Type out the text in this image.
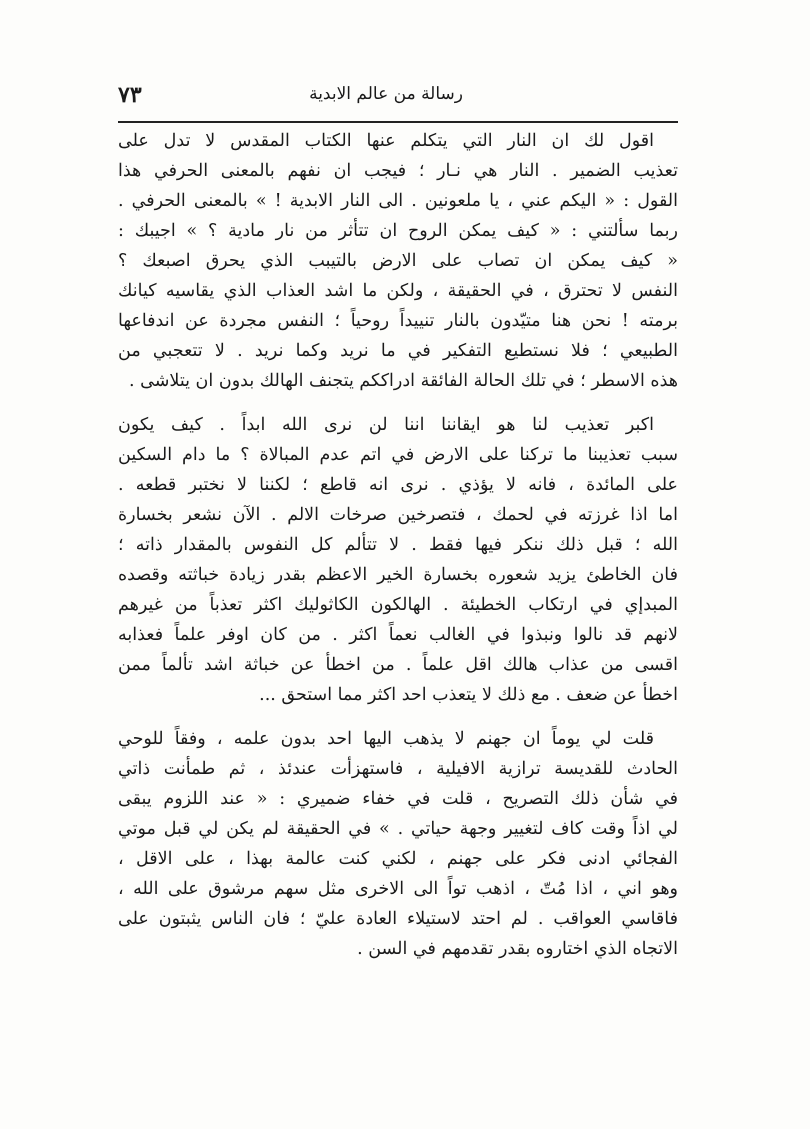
رسالة من عالم الابدية
٧٣
اقول لك ان النار التي يتكلم عنها الكتاب المقدس لا تدل على
تعذيب الضمير . النار هي نـار ؛ فيجب ان نفهم بالمعنى الحرفي هذا
القول : « اليكم عني ، يا ملعونين . الى النار الابدية ! » بالمعنى الحرفي .
ربما سألتني : « كيف يمكن الروح ان تتأثر من نار مادية ؟ » اجيبك :
« كيف يمكن ان تصاب على الارض بالتيبب الذي يحرق اصبعك ؟
النفس لا تحترق ، في الحقيقة ، ولكن ما اشد العذاب الذي يقاسيه كيانك
برمته ! نحن هنا متيّدون بالنار تنييداً روحياً ؛ النفس مجردة عن اندفاعها
الطبيعي ؛ فلا نستطيع التفكير في ما نريد وكما نريد . لا تتعجبي من
هذه الاسطر ؛ في تلك الحالة الفائقة ادراككم يتجنف الهالك بدون ان يتلاشى .
اكبر تعذيب لنا هو ايقاننا اننا لن نرى الله ابداً . كيف يكون
سبب تعذيبنا ما تركنا على الارض في اتم عدم المبالاة ؟ ما دام السكين
على المائدة ، فانه لا يؤذي . نرى انه قاطع ؛ لكننا لا نختبر قطعه .
اما اذا غرزته في لحمك ، فتصرخين صرخات الالم . الآن نشعر بخسارة
الله ؛ قبل ذلك ننكر فيها فقط . لا تتألم كل النفوس بالمقدار ذاته ؛
فان الخاطئ يزيد شعوره بخسارة الخير الاعظم بقدر زيادة خباثته وقصده
المبدإي في ارتكاب الخطيئة . الهالكون الكاثوليك اكثر تعذباً من غيرهم
لانهم قد نالوا ونبذوا في الغالب نعماً اكثر . من كان اوفر علماً فعذابه
اقسى من عذاب هالك اقل علماً . من اخطأ عن خباثة اشد تألماً ممن
اخطأ عن ضعف . مع ذلك لا يتعذب احد اكثر مما استحق ...
قلت لي يوماً ان جهنم لا يذهب اليها احد بدون علمه ، وفقاً للوحي
الحادث للقديسة ترازية الافيلية ، فاستهزأت عندئذ ، ثم طمأنت ذاتي
في شأن ذلك التصريح ، قلت في خفاء ضميري : « عند اللزوم يبقى
لي اذاً وقت كاف لتغيير وجهة حياتي . » في الحقيقة لم يكن لي قبل موتي
الفجائي ادنى فكر على جهنم ، لكني كنت عالمة بهذا ، على الاقل ،
وهو اني ، اذا مُتّ ، اذهب تواً الى الاخرى مثل سهم مرشوق على الله ،
فاقاسي العواقب . لم احتد لاستيلاء العادة عليّ ؛ فان الناس يثبتون على
الاتجاه الذي اختاروه بقدر تقدمهم في السن .
